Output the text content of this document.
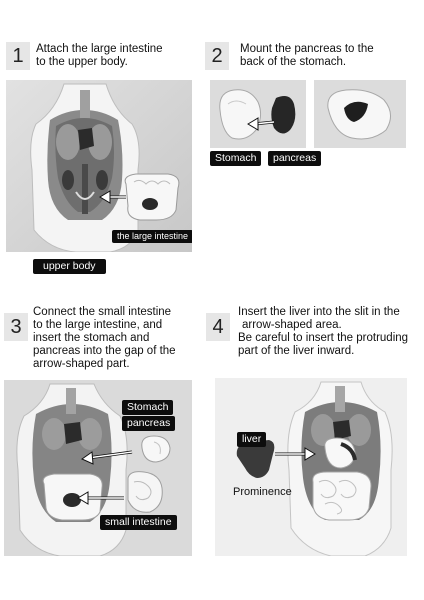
1	Attach the large intestine
to the upper body.
the large intestine
upper body
2	Mount the pancreas to the
back of the stomach.
Stomach	pancreas
3
Connect the small intestine
to the large intestine, and
insert the stomach and
pancreas into the gap of the
arrow-shaped part.
Stomach
pancreas
small intestine
4
Insert the liver into the slit in the
arrow-shaped area.
Be careful to insert the protruding
part of the liver inward.
liver
Prominence
